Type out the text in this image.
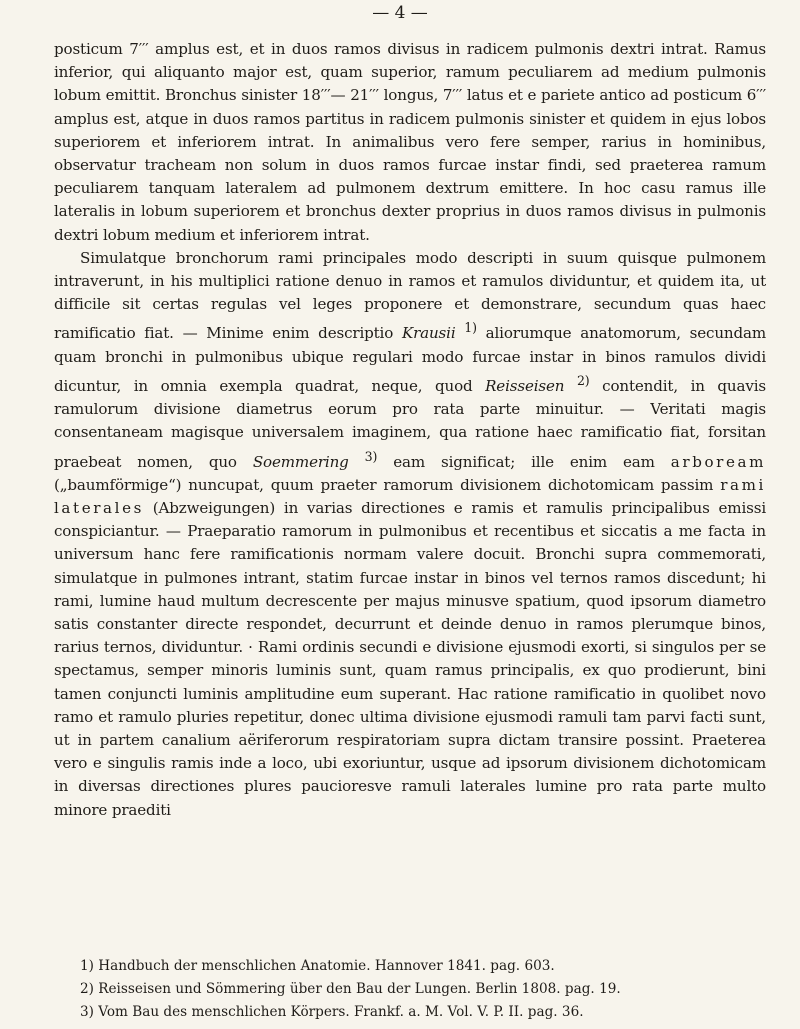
— 4 —

posticum 7′′′ amplus est, et in duos ramos divisus in radicem pulmonis dextri intrat. Ramus inferior, qui aliquanto major est, quam superior, ramum peculiarem ad medium pulmonis lobum emittit. Bronchus sinister 18′′′— 21′′′ longus, 7′′′ latus et e pariete antico ad posticum 6′′′ amplus est, atque in duos ramos partitus in radicem pulmonis sinister et quidem in ejus lobos superiorem et inferiorem intrat. In animalibus vero fere semper, rarius in hominibus, observatur tracheam non solum in duos ramos furcae instar findi, sed praeterea ramum peculiarem tanquam lateralem ad pulmonem dextrum emittere. In hoc casu ramus ille lateralis in lobum superiorem et bronchus dexter proprius in duos ramos divisus in pulmonis dextri lobum medium et inferiorem intrat.

Simulatque bronchorum rami principales modo descripti in suum quisque pulmonem intraverunt, in his multiplici ratione denuo in ramos et ramulos dividuntur, et quidem ita, ut difficile sit certas regulas vel leges proponere et demonstrare, secundum quas haec ramificatio fiat. — Minime enim descriptio Krausii $^{1)}$ aliorumque anatomorum, secundam quam bronchi in pulmonibus ubique regulari modo furcae instar in binos ramulos dividi dicuntur, in omnia exempla quadrat, neque, quod Reisseisen $^{2)}$ contendit, in quavis ramulorum divisione diametrus eorum pro rata parte minuitur. — Veritati magis consentaneam magisque universalem imaginem, qua ratione haec ramificatio fiat, forsitan praebeat nomen, quo Soemmering $^{3)}$ eam significat; ille enim eam arboream („baumförmige“) nuncupat, quum praeter ramorum divisionem dichotomicam passim rami laterales (Abzweigungen) in varias directiones e ramis et ramulis principalibus emissi conspiciantur. — Praeparatio ramorum in pulmonibus et recentibus et siccatis a me facta in universum hanc fere ramificationis normam valere docuit. Bronchi supra commemorati, simulatque in pulmones intrant, statim furcae instar in binos vel ternos ramos discedunt; hi rami, lumine haud multum decrescente per majus minusve spatium, quod ipsorum diametro satis constanter directe respondet, decurrunt et deinde denuo in ramos plerumque binos, rarius ternos, dividuntur. · Rami ordinis secundi e divisione ejusmodi exorti, si singulos per se spectamus, semper minoris luminis sunt, quam ramus principalis, ex quo prodierunt, bini tamen conjuncti luminis amplitudine eum superant. Hac ratione ramificatio in quolibet novo ramo et ramulo pluries repetitur, donec ultima divisione ejusmodi ramuli tam parvi facti sunt, ut in partem canalium aëriferorum respiratoriam supra dictam transire possint. Praeterea vero e singulis ramis inde a loco, ubi exoriuntur, usque ad ipsorum divisionem dichotomicam in diversas directiones plures paucioresve ramuli laterales lumine pro rata parte multo minore praediti

1) Handbuch der menschlichen Anatomie. Hannover 1841. pag. 603.
2) Reisseisen und Sömmering über den Bau der Lungen. Berlin 1808. pag. 19.
3) Vom Bau des menschlichen Körpers. Frankf. a. M. Vol. V. P. II. pag. 36.
